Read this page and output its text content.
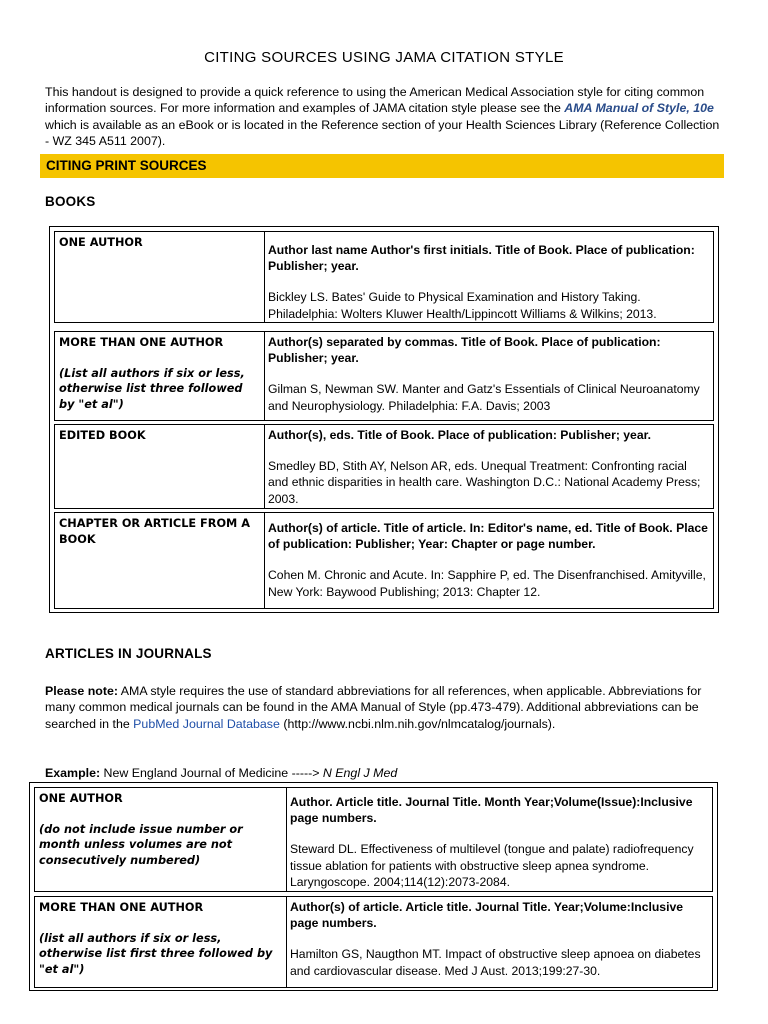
CITING SOURCES USING JAMA CITATION STYLE
This handout is designed to provide a quick reference to using the American Medical Association style for citing common information sources. For more information and examples of JAMA citation style please see the AMA Manual of Style, 10e which is available as an eBook or is located in the Reference section of your Health Sciences Library (Reference Collection - WZ 345 A511 2007).
CITING PRINT SOURCES
BOOKS
ONE AUTHOR
Author last name Author's first initials. Title of Book. Place of publication: Publisher; year.
Bickley LS. Bates' Guide to Physical Examination and History Taking. Philadelphia: Wolters Kluwer Health/Lippincott Williams & Wilkins; 2013.
MORE THAN ONE AUTHOR
(List all authors if six or less, otherwise list three followed by "et al")
Author(s) separated by commas. Title of Book. Place of publication: Publisher; year.
Gilman S, Newman SW. Manter and Gatz's Essentials of Clinical Neuroanatomy and Neurophysiology. Philadelphia: F.A. Davis; 2003
EDITED BOOK	Author(s), eds. Title of Book. Place of publication: Publisher; year.
Smedley BD, Stith AY, Nelson AR, eds. Unequal Treatment: Confronting racial and ethnic disparities in health care. Washington D.C.: National Academy Press; 2003.
CHAPTER OR ARTICLE FROM A BOOK
Author(s) of article. Title of article. In: Editor's name, ed. Title of Book. Place of publication: Publisher; Year: Chapter or page number.
Cohen M. Chronic and Acute. In: Sapphire P, ed. The Disenfranchised. Amityville, New York: Baywood Publishing; 2013: Chapter 12.
ARTICLES IN JOURNALS
Please note: AMA style requires the use of standard abbreviations for all references, when applicable. Abbreviations for many common medical journals can be found in the AMA Manual of Style (pp.473-479). Additional abbreviations can be searched in the PubMed Journal Database (http://www.ncbi.nlm.nih.gov/nlmcatalog/journals).
Example: New England Journal of Medicine -----> N Engl J Med
ONE AUTHOR
(do not include issue number or month unless volumes are not consecutively numbered)
Author. Article title. Journal Title. Month Year;Volume(Issue):Inclusive page numbers.
Steward DL. Effectiveness of multilevel (tongue and palate) radiofrequency tissue ablation for patients with obstructive sleep apnea syndrome. Laryngoscope. 2004;114(12):2073-2084.
MORE THAN ONE AUTHOR
(list all authors if six or less, otherwise list first three followed by "et al")
Author(s) of article. Article title. Journal Title. Year;Volume:Inclusive page numbers.
Hamilton GS, Naugthon MT. Impact of obstructive sleep apnoea on diabetes and cardiovascular disease. Med J Aust. 2013;199:27-30.
